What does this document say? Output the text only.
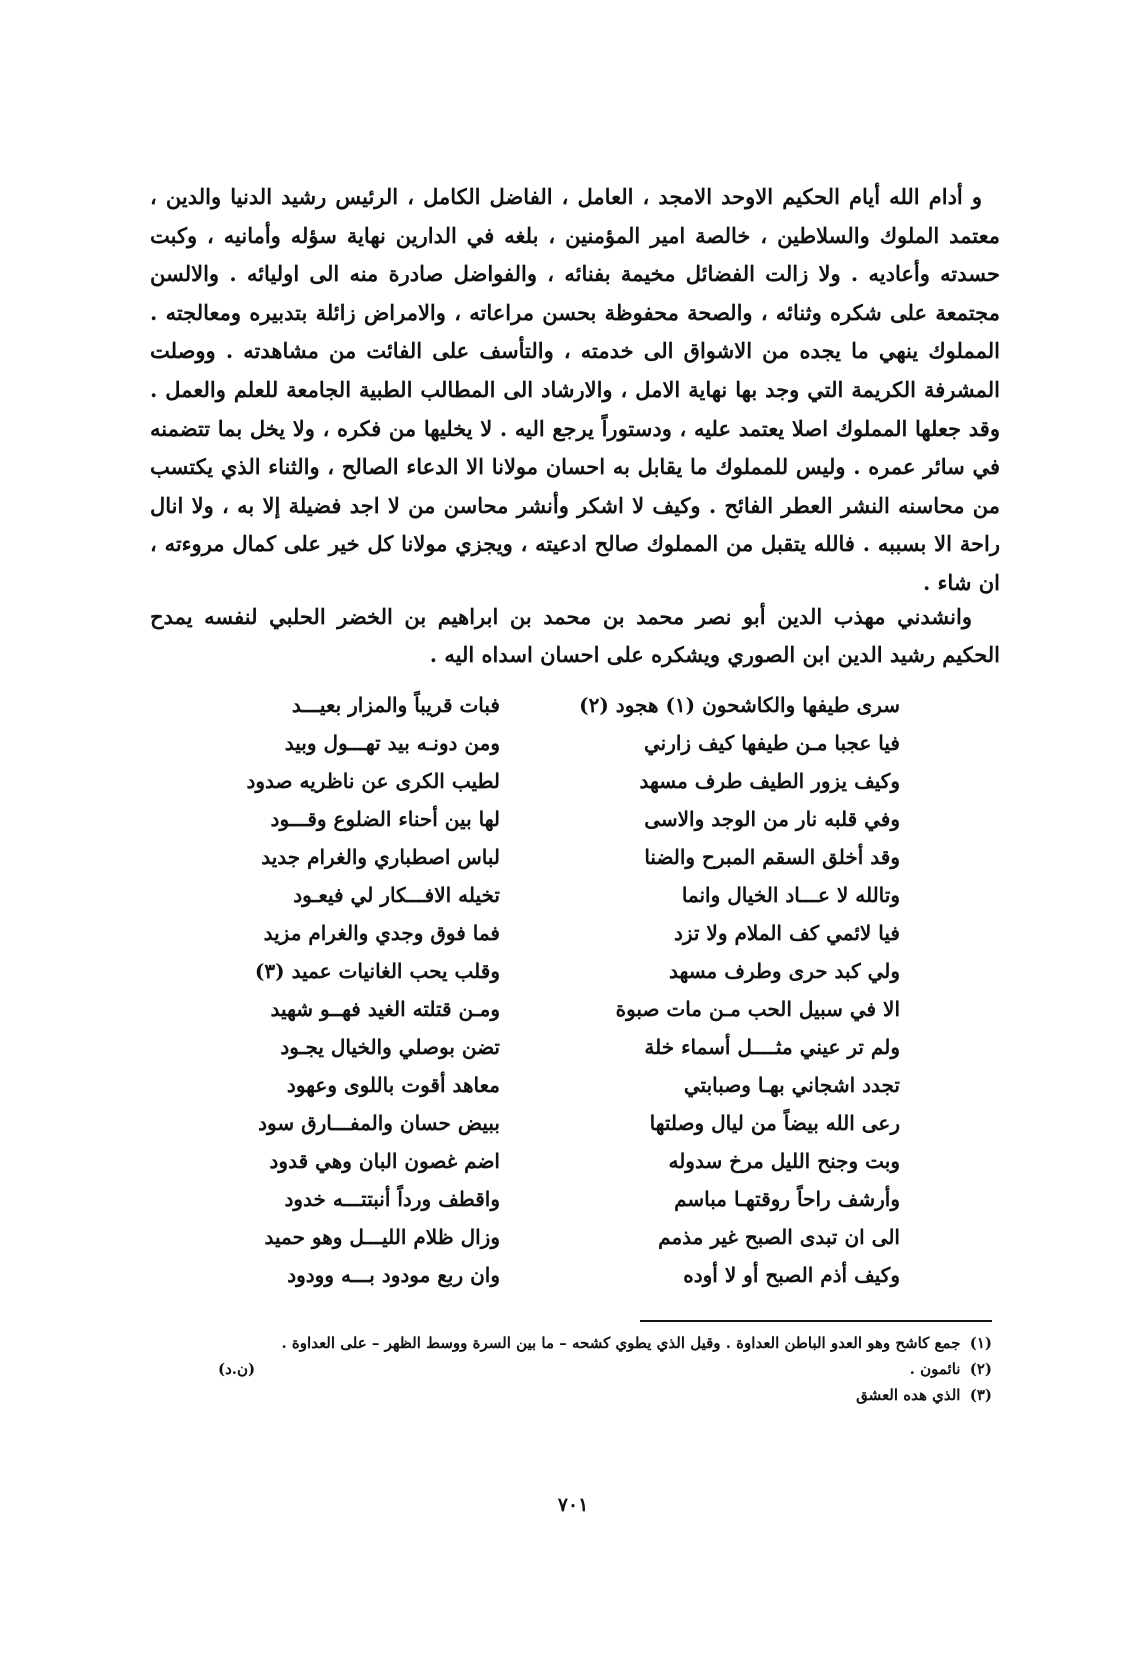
و أدام الله أيام الحكيم الاوحد الامجد ، العامل ، الفاضل الكامل ، الرئيس رشيد الدنيا والدين ، معتمد الملوك والسلاطين ، خالصة امير المؤمنين ، بلغه في الدارين نهاية سؤله وأمانيه ، وكبت حسدته وأعاديه . ولا زالت الفضائل مخيمة بفنائه ، والفواضل صادرة منه الى اوليائه . والالسن مجتمعة على شكره وثنائه ، والصحة محفوظة بحسن مراعاته ، والامراض زائلة بتدبيره ومعالجته . المملوك ينهي ما يجده من الاشواق الى خدمته ، والتأسف على الفائت من مشاهدته . ووصلت المشرفة الكريمة التي وجد بها نهاية الامل ، والارشاد الى المطالب الطبية الجامعة للعلم والعمل . وقد جعلها المملوك اصلا يعتمد عليه ، ودستوراً يرجع اليه . لا يخليها من فكره ، ولا يخل بما تتضمنه في سائر عمره . وليس للمملوك ما يقابل به احسان مولانا الا الدعاء الصالح ، والثناء الذي يكتسب من محاسنه النشر العطر الفائح . وكيف لا اشكر وأنشر محاسن من لا اجد فضيلة إلا به ، ولا انال راحة الا بسببه . فالله يتقبل من المملوك صالح ادعيته ، ويجزي مولانا كل خير على كمال مروءته ، ان شاء .

وانشدني مهذب الدين أبو نصر محمد بن محمد بن ابراهيم بن الخضر الحلبي لنفسه يمدح الحكيم رشيد الدين ابن الصوري ويشكره على احسان اسداه اليه .

سرى طيفها والكاشحون (١) هجود (٢)
فبات قريباً والمزار بعيـــد
فيا عجبا مـن طيفها كيف زارني
ومن دونـه بيد تهـــول وبيد
وكيف يزور الطيف طرف مسهد
لطيب الكرى عن ناظريه صدود
وفي قلبه نار من الوجد والاسى
لها بين أحناء الضلوع وقـــود
وقد أخلق السقم المبرح والضنا
لباس اصطباري والغرام جديد
وتالله لا عـــاد الخيال وانما
تخيله الافـــكار لي فيعـود
فيا لائمي كف الملام ولا تزد
فما فوق وجدي والغرام مزيد
ولي كبد حرى وطرف مسهد
وقلب يحب الغانيات عميد (٣)
الا في سبيل الحب مـن مات صبوة
ومـن قتلته الغيد فهــو شهيد
ولم تر عيني مثــــل أسماء خلة
تضن بوصلي والخيال يجـود
تجدد اشجاني بهـا وصبابتي
معاهد أقوت باللوى وعهود
رعى الله بيضاً من ليال وصلتها
ببيض حسان والمفـــارق سود
وبت وجنح الليل مرخ سدوله
اضم غصون البان وهي قدود
وأرشف راحاً روقتهـا مباسم
واقطف ورداً أنبتتـــه خدود
الى ان تبدى الصبح غير مذمم
وزال ظلام الليـــل وهو حميد
وكيف أذم الصبح أو لا أوده
وان ربع مودود بـــه وودود
(١) جمع كاشح وهو العدو الباطن العداوة . وقيل الذي يطوي كشحه – ما بين السرة ووسط الظهر – على العداوة .
(ن.د)	(٢) نائمون .
(٣) الذي هده العشق
٧٠١
